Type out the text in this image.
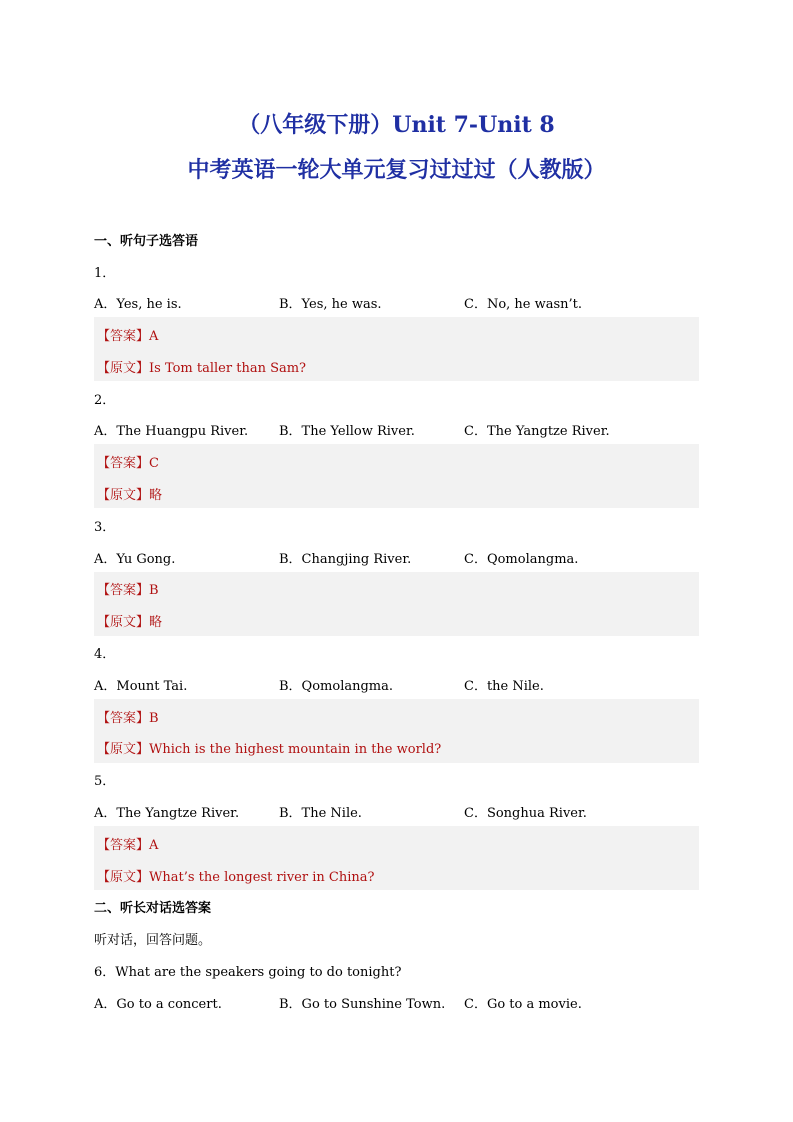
（八年级下册）Unit 7-Unit 8
中考英语一轮大单元复习过过过（人教版）
一、听句子选答语
1．
A．Yes, he is.	B．Yes, he was.	C．No, he wasn’t.
【答案】A
【原文】Is Tom taller than Sam?
2．
A．The Huangpu River. B．The Yellow River.	C．The Yangtze River.
【答案】C
【原文】略
3．
A．Yu Gong.	B．Changjing River.	C．Qomolangma.
【答案】B
【原文】略
4．
A．Mount Tai.	B．Qomolangma.	C．the Nile.
【答案】B
【原文】Which is the highest mountain in the world?
5．
A．The Yangtze River.	B．The Nile.	C．Songhua River.
【答案】A
【原文】What’s the longest river in China?
二、听长对话选答案
听对话，回答问题。
6．What are the speakers going to do tonight?
A．Go to a concert.	B．Go to Sunshine Town. C．Go to a movie.
